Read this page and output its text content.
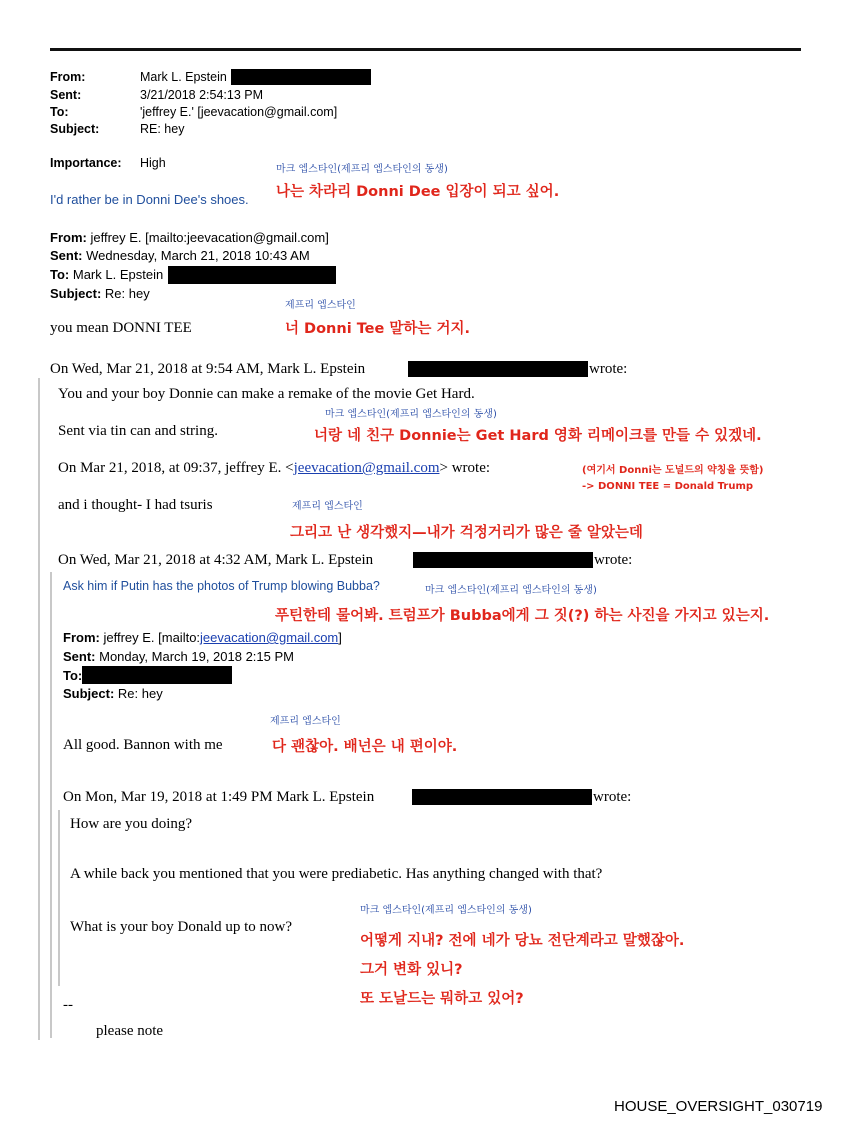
From:	Mark L. Epstein
Sent:	3/21/2018 2:54:13 PM
To:	'jeffrey E.' [jeevacation@gmail.com]
Subject:	RE: hey
Importance: High	마크 엡스타인(제프리 엡스타인의 동생)
I'd rather be in Donni Dee's shoes. 나는 차라리 Donni Dee 입장이 되고 싶어.
From: jeffrey E. [mailto:jeevacation@gmail.com]
Sent: Wednesday, March 21, 2018 10:43 AM
To: Mark L. Epstein
Subject: Re: hey
제프리 엡스타인
you mean DONNI TEE	너 Donni Tee 말하는 거지.
On Wed, Mar 21, 2018 at 9:54 AM, Mark L. Epstein	wrote:
You and your boy Donnie can make a remake of the movie Get Hard.
마크 엡스타인(제프리 엡스타인의 동생)
Sent via tin can and string.	너랑 네 친구 Donnie는 Get Hard 영화 리메이크를 만들 수 있겠네.
On Mar 21, 2018, at 09:37, jeffrey E. <jeevacation@gmail.com> wrote:	(여기서 Donni는 도널드의 약칭을 뜻함)
-> DONNI TEE = Donald Trump
제프리 엡스타인
and i thought- I had tsuris
그리고 난 생각했지—내가 걱정거리가 많은 줄 알았는데
On Wed, Mar 21, 2018 at 4:32 AM, Mark L. Epstein	wrote:
Ask him if Putin has the photos of Trump blowing Bubba?	마크 엡스타인(제프리 엡스타인의 동생)
푸틴한테 물어봐. 트럼프가 Bubba에게 그 짓(?) 하는 사진을 가지고 있는지.
From: jeffrey E. [mailto:jeevacation@gmail.com]
Sent: Monday, March 19, 2018 2:15 PM
To:
Subject: Re: hey
제프리 엡스타인
All good. Bannon with me	다 괜찮아. 배넌은 내 편이야.
On Mon, Mar 19, 2018 at 1:49 PM Mark L. Epstein	wrote:
How are you doing?
A while back you mentioned that you were prediabetic. Has anything changed with that?
마크 엡스타인(제프리 엡스타인의 동생)
What is your boy Donald up to now?
어떻게 지내? 전에 네가 당뇨 전단계라고 말했잖아.
그거 변화 있니?
또 도날드는 뭐하고 있어?
--
please note
HOUSE_OVERSIGHT_030719
